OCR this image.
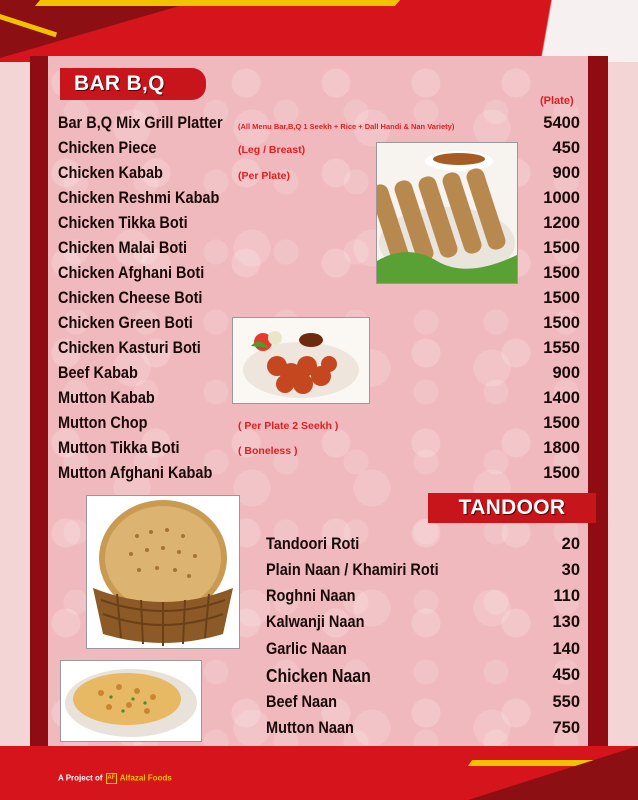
BAR B,Q
(Plate)
Bar B,Q Mix Grill Platter (All Menu Bar,B,Q 1 Seekh + Rice + Dall Handi & Nan Variety)	5400
Chicken Piece	(Leg / Breast)	450
Chicken Kabab	(Per Plate)	900
Chicken Reshmi Kabab	1000
Chicken Tikka Boti	1200
Chicken Malai Boti	1500
Chicken Afghani Boti	1500
Chicken Cheese Boti	1500
Chicken Green Boti	1500
Chicken Kasturi Boti	1550
Beef Kabab	900
Mutton Kabab	1400
Mutton Chop	( Per Plate 2 Seekh )	1500
Mutton Tikka Boti	( Boneless )	1800
Mutton Afghani Kabab	1500
TANDOOR
Tandoori Roti	20
Plain Naan / Khamiri Roti	30
Roghni Naan	110
Kalwanji Naan	130
Garlic Naan	140
Chicken Naan	450
Beef Naan	550
Mutton Naan	750
A Project of AF Alfazal Foods
